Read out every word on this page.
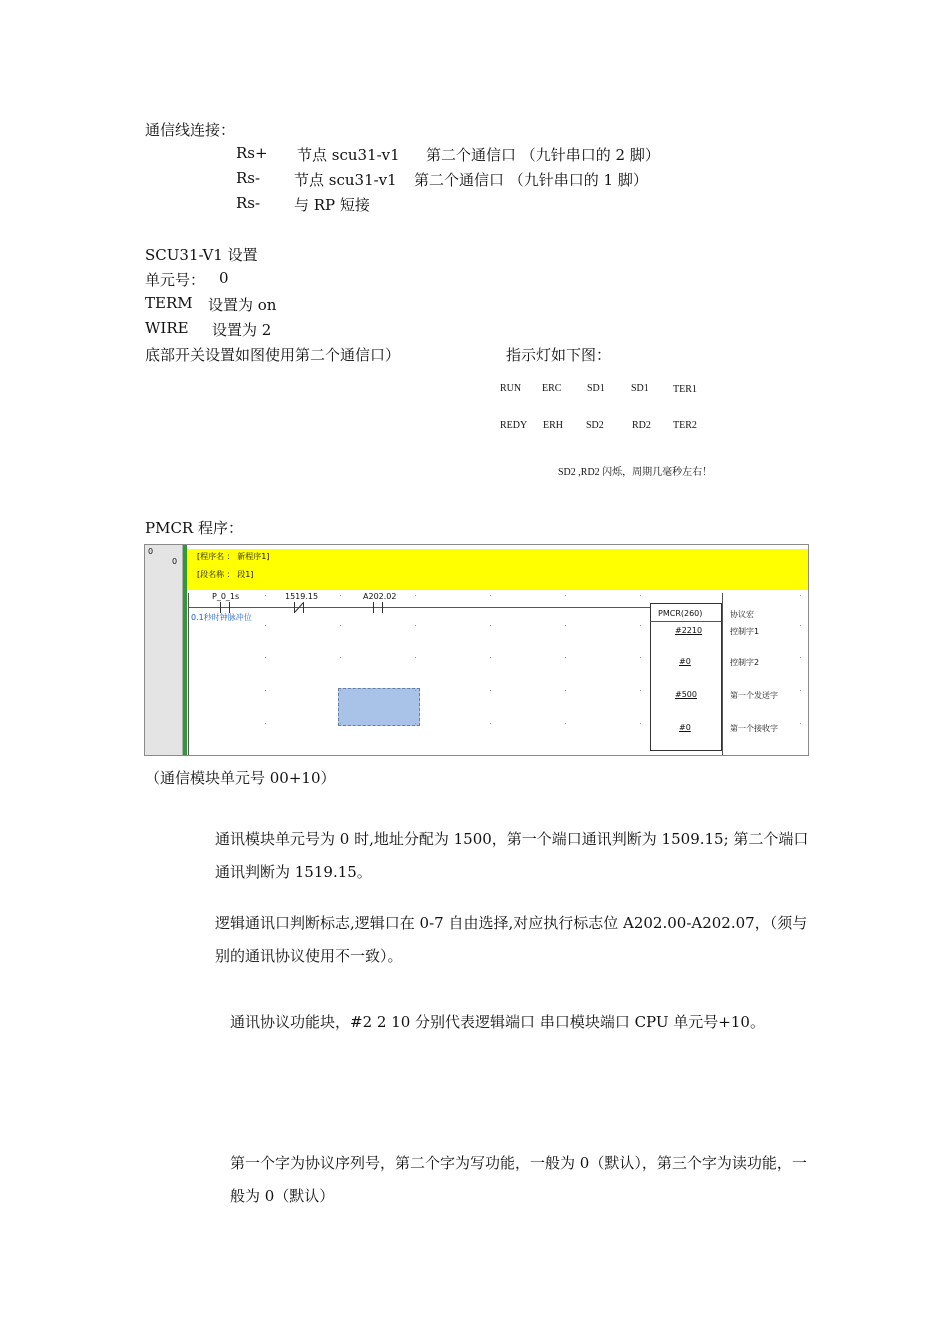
通信线连接：
Rs+ 节点 scu31-v1 第二个通信口 （九针串口的 2 脚）
Rs- 节点 scu31-v1 第二个通信口 （九针串口的 1 脚）
Rs- 与 RP 短接
SCU31-V1 设置
单元号： 0
TERM 设置为 on
WIRE 设置为 2
底部开关设置如图使用第二个通信口）	指示灯如下图：
RUN ERC	SD1	SD1 TER1
REDY ERH SD2	RD2 TER2
SD2 ,RD2 闪烁，周期几毫秒左右！
PMCR 程序：
0
0
[程序名 ： 新程序1]
[段名称 ： 段1]
P_0_1s
0.1秒时钟脉冲位
1519.15	A202.02
PMCR(260)
#2210
#0
#500
#0
协议宏
控制字1
控制字2
第一个发送字
第一个接收字
（通信模块单元号 00+10）
通讯模块单元号为 0 时,地址分配为 1500，第一个端口通讯判断为 1509.15; 第二个端口通讯判断为 1519.15。
逻辑通讯口判断标志,逻辑口在 0-7 自由选择,对应执行标志位 A202.00-A202.07，（须与别的通讯协议使用不一致）。
通讯协议功能块，#2 2 10 分别代表逻辑端口 串口模块端口 CPU 单元号+10。
第一个字为协议序列号，第二个字为写功能，一般为 0（默认），第三个字为读功能，一般为 0（默认）
